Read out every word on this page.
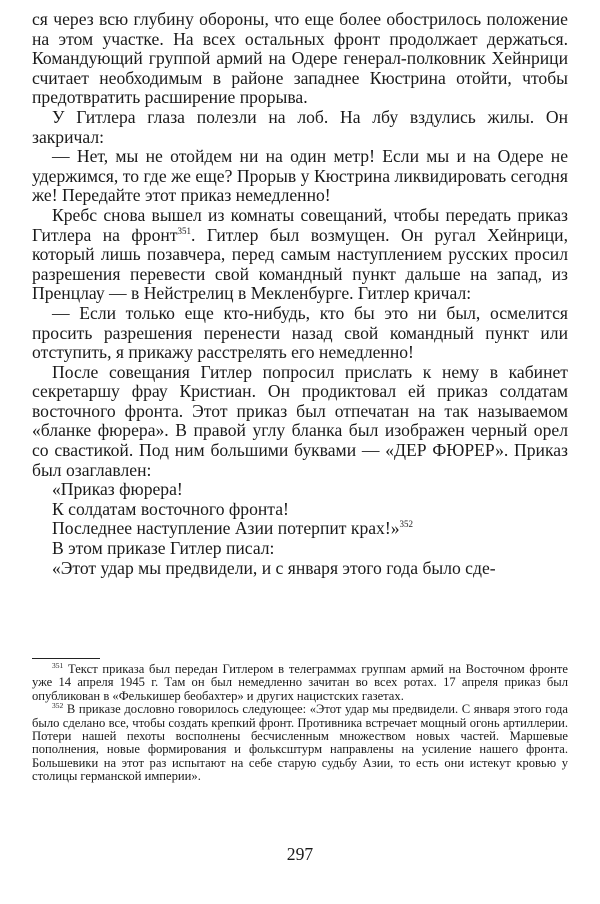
ся через всю глубину обороны, что еще более обострилось положение на этом участке. На всех остальных фронт продолжает держаться. Командующий группой армий на Одере генерал-полковник Хейнрици считает необходимым в районе западнее Кюстрина отойти, чтобы предотвратить расширение прорыва.

У Гитлера глаза полезли на лоб. На лбу вздулись жилы. Он закричал:

— Нет, мы не отойдем ни на один метр! Если мы и на Одере не удержимся, то где же еще? Прорыв у Кюстрина ликвидировать сегодня же! Передайте этот приказ немедленно!

Кребс снова вышел из комнаты совещаний, чтобы передать приказ Гитлера на фронт$^{351}$. Гитлер был возмущен. Он ругал Хейнрици, который лишь позавчера, перед самым наступлением русских просил разрешения перевести свой командный пункт дальше на запад, из Пренцлау — в Нейстрелиц в Мекленбурге. Гитлер кричал:

— Если только еще кто-нибудь, кто бы это ни был, осмелится просить разрешения перенести назад свой командный пункт или отступить, я прикажу расстрелять его немедленно!

После совещания Гитлер попросил прислать к нему в кабинет секретаршу фрау Кристиан. Он продиктовал ей приказ солдатам восточного фронта. Этот приказ был отпечатан на так называемом «бланке фюрера». В правой углу бланка был изображен черный орел со свастикой. Под ним большими буквами — «ДЕР ФЮРЕР». Приказ был озаглавлен:

«Приказ фюрера!

К солдатам восточного фронта!

Последнее наступление Азии потерпит крах!»$^{352}$

В этом приказе Гитлер писал:

«Этот удар мы предвидели, и с января этого года было сде-

$^{351}$ Текст приказа был передан Гитлером в телеграммах группам армий на Восточном фронте уже 14 апреля 1945 г. Там он был немедленно зачитан во всех ротах. 17 апреля приказ был опубликован в «Фелькишер беобахтер» и других нацистских газетах.

$^{352}$ В приказе дословно говорилось следующее: «Этот удар мы предвидели. С января этого года было сделано все, чтобы создать крепкий фронт. Противника встречает мощный огонь артиллерии. Потери нашей пехоты восполнены бесчисленным множеством новых частей. Маршевые пополнения, новые формирования и фольксштурм направлены на усиление нашего фронта. Большевики на этот раз испытают на себе старую судьбу Азии, то есть они истекут кровью у столицы германской империи».

297
